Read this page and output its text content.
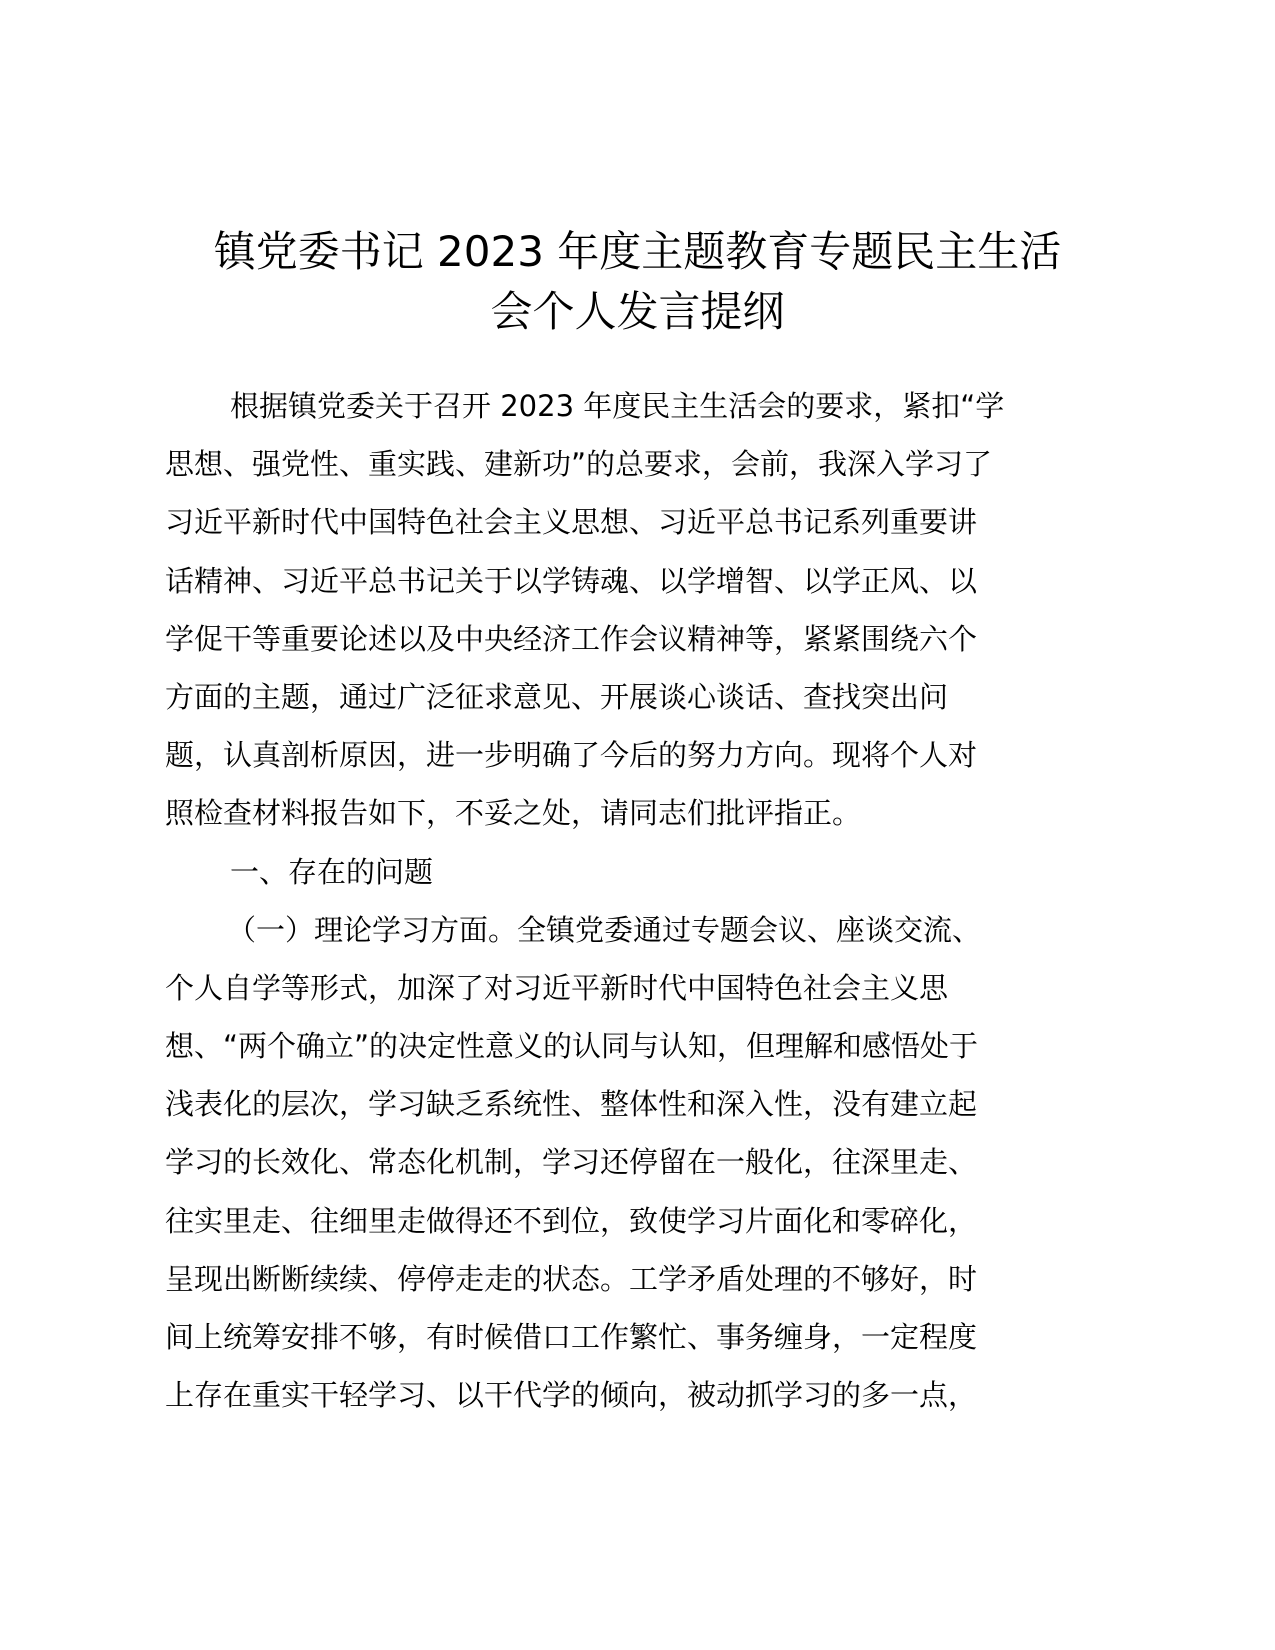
镇党委书记 2023 年度主题教育专题民主生活
会个人发言提纲
根据镇党委关于召开 2023 年度民主生活会的要求，紧扣“学
思想、强党性、重实践、建新功”的总要求，会前，我深入学习了
习近平新时代中国特色社会主义思想、习近平总书记系列重要讲
话精神、习近平总书记关于以学铸魂、以学增智、以学正风、以
学促干等重要论述以及中央经济工作会议精神等，紧紧围绕六个
方面的主题，通过广泛征求意见、开展谈心谈话、查找突出问
题，认真剖析原因，进一步明确了今后的努力方向。现将个人对
照检查材料报告如下，不妥之处，请同志们批评指正。
一、存在的问题
（一）理论学习方面。全镇党委通过专题会议、座谈交流、
个人自学等形式，加深了对习近平新时代中国特色社会主义思
想、“两个确立”的决定性意义的认同与认知，但理解和感悟处于
浅表化的层次，学习缺乏系统性、整体性和深入性，没有建立起
学习的长效化、常态化机制，学习还停留在一般化，往深里走、
往实里走、往细里走做得还不到位，致使学习片面化和零碎化，
呈现出断断续续、停停走走的状态。工学矛盾处理的不够好，时
间上统筹安排不够，有时候借口工作繁忙、事务缠身，一定程度
上存在重实干轻学习、以干代学的倾向，被动抓学习的多一点，
